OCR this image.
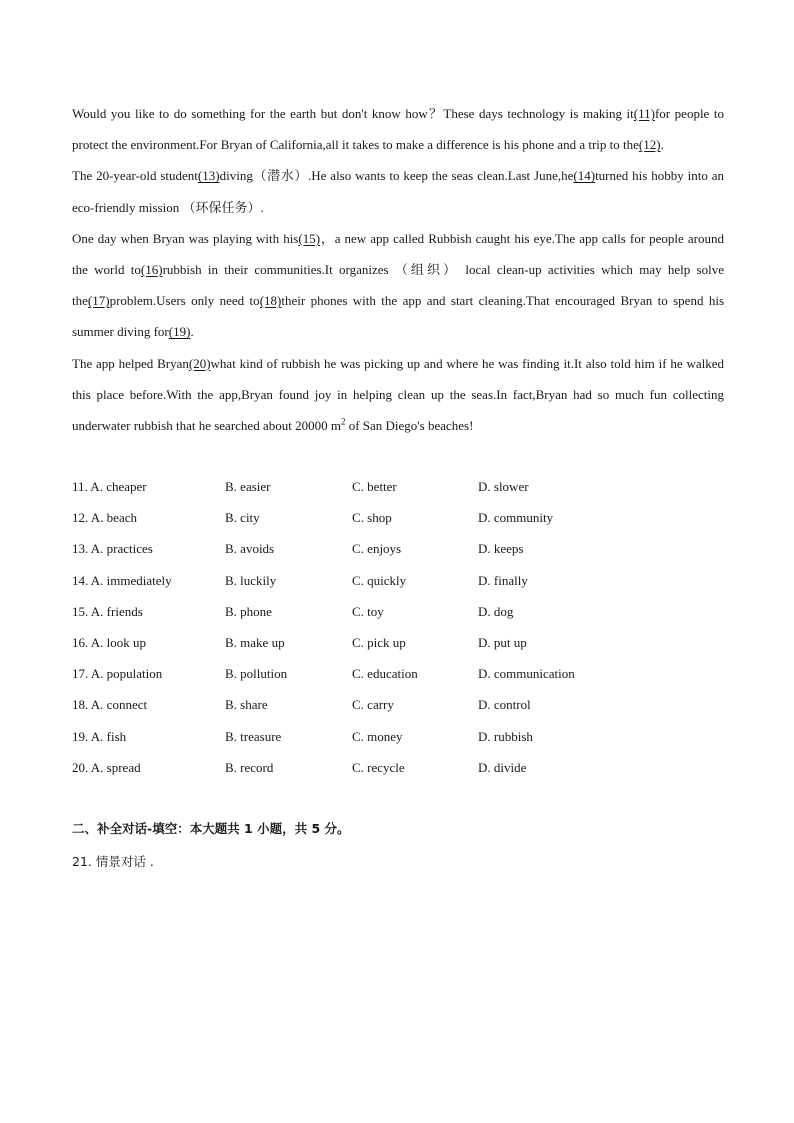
Would you like to do something for the earth but don't know how？These days technology is making it(11)for people to protect the environment.For Bryan of California,all it takes to make a difference is his phone and a trip to the(12).

The 20-year-old student(13)diving（潜水）.He also wants to keep the seas clean.Last June,he(14)turned his hobby into an eco-friendly mission （环保任务）.

One day when Bryan was playing with his(15)，a new app called Rubbish caught his eye.The app calls for people around the world to(16)rubbish in their communities.It organizes （组织） local clean-up activities which may help solve the(17)problem.Users only need to(18)their phones with the app and start cleaning.That encouraged Bryan to spend his summer diving for(19).

The app helped Bryan(20)what kind of rubbish he was picking up and where he was finding it.It also told him if he walked this place before.With the app,Bryan found joy in helping clean up the seas.In fact,Bryan had so much fun collecting underwater rubbish that he searched about 20000 $m^2$ of San Diego's beaches!

11. A. cheaper	B. easier	C. better	D. slower
12. A. beach	B. city	C. shop	D. community
13. A. practices	B. avoids	C. enjoys	D. keeps
14. A. immediately	B. luckily	C. quickly	D. finally
15. A. friends	B. phone	C. toy	D. dog
16. A. look up	B. make up	C. pick up	D. put up
17. A. population	B. pollution	C. education	D. communication
18. A. connect	B. share	C. carry	D. control
19. A. fish	B. treasure	C. money	D. rubbish
20. A. spread	B. record	C. recycle	D. divide

二、补全对话-填空：本大题共 1 小题，共 5 分。

21. 情景对话 .
